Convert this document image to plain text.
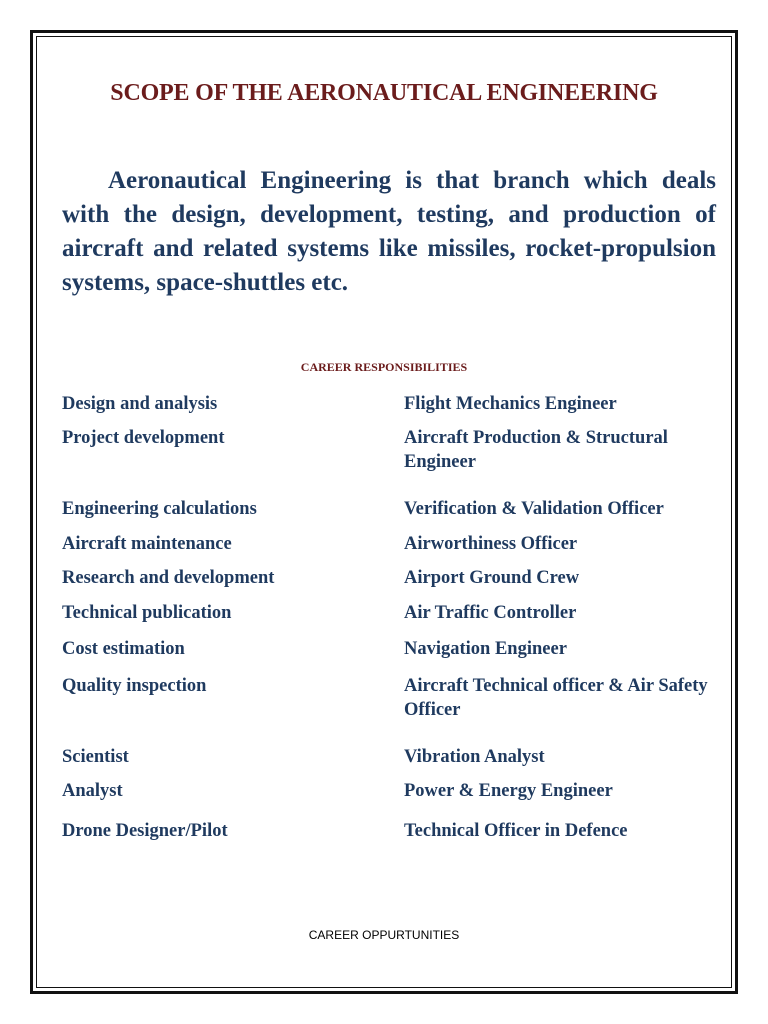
SCOPE OF THE AERONAUTICAL ENGINEERING

Aeronautical Engineering is that branch which deals with the design, development, testing, and production of aircraft and related systems like missiles, rocket-propulsion systems, space-shuttles etc.

CAREER RESPONSIBILITIES

Design and analysis

Project development

Engineering calculations

Aircraft maintenance

Research and development

Technical publication

Cost estimation

Quality inspection

Scientist

Analyst

Drone Designer/Pilot

Flight Mechanics Engineer

Aircraft Production & Structural Engineer

Verification & Validation Officer

Airworthiness Officer

Airport Ground Crew

Air Traffic Controller

Navigation Engineer

Aircraft Technical officer & Air Safety Officer

Vibration Analyst

Power & Energy Engineer

Technical Officer in Defence

CAREER OPPURTUNITIES
